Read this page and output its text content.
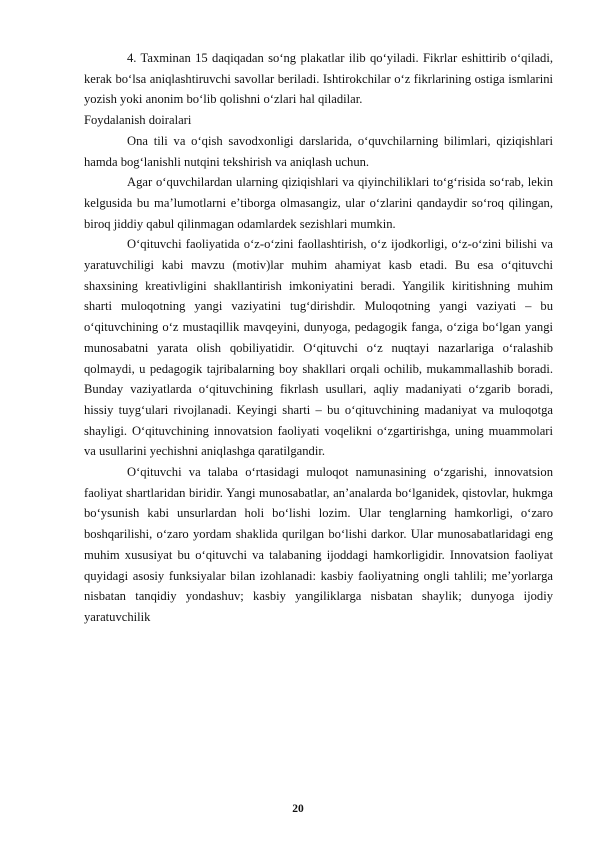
4. Taxminan 15 daqiqadan so‘ng plakatlar ilib qo‘yiladi. Fikrlar eshittirib o‘qiladi, kerak bo‘lsa aniqlashtiruvchi savollar beriladi. Ishtirokchilar o‘z fikrlarining ostiga ismlarini yozish yoki anonim bo‘lib qolishni o‘zlari hal qiladilar.

Foydalanish doiralari

Ona tili va o‘qish savodxonligi darslarida, o‘quvchilarning bilimlari, qiziqishlari hamda bog‘lanishli nutqini tekshirish va aniqlash uchun.

Agar o‘quvchilardan ularning qiziqishlari va qiyinchiliklari to‘g‘risida so‘rab, lekin kelgusida bu ma’lumotlarni e’tiborga olmasangiz, ular o‘zlarini qandaydir so‘roq qilingan, biroq jiddiy qabul qilinmagan odamlardek sezishlari mumkin.

O‘qituvchi faoliyatida o‘z-o‘zini faollashtirish, o‘z ijodkorligi, o‘z-o‘zini bilishi va yaratuvchiligi kabi mavzu (motiv)lar muhim ahamiyat kasb etadi. Bu esa o‘qituvchi shaxsining kreativligini shakllantirish imkoniyatini beradi. Yangilik kiritishning muhim sharti muloqotning yangi vaziyatini tug‘dirishdir. Muloqotning yangi vaziyati – bu o‘qituvchining o‘z mustaqillik mavqeyini, dunyoga, pedagogik fanga, o‘ziga bo‘lgan yangi munosabatni yarata olish qobiliyatidir. O‘qituvchi o‘z nuqtayi nazarlariga o‘ralashib qolmaydi, u pedagogik tajribalarning boy shakllari orqali ochilib, mukammallashib boradi. Bunday vaziyatlarda o‘qituvchining fikrlash usullari, aqliy madaniyati o‘zgarib boradi, hissiy tuyg‘ulari rivojlanadi. Keyingi sharti – bu o‘qituvchining madaniyat va muloqotga shayligi. O‘qituvchining innovatsion faoliyati voqelikni o‘zgartirishga, uning muammolari va usullarini yechishni aniqlashga qaratilgandir.

O‘qituvchi va talaba o‘rtasidagi muloqot namunasining o‘zgarishi, innovatsion faoliyat shartlaridan biridir. Yangi munosabatlar, an’analarda bo‘lganidek, qistovlar, hukmga bo‘ysunish kabi unsurlardan holi bo‘lishi lozim. Ular tenglarning hamkorligi, o‘zaro boshqarilishi, o‘zaro yordam shaklida qurilgan bo‘lishi darkor. Ular munosabatlaridagi eng muhim xususiyat bu o‘qituvchi va talabaning ijoddagi hamkorligidir. Innovatsion faoliyat quyidagi asosiy funksiyalar bilan izohlanadi: kasbiy faoliyatning ongli tahlili; me’yorlarga nisbatan tanqidiy yondashuv; kasbiy yangiliklarga nisbatan shaylik; dunyoga ijodiy yaratuvchilik

20
